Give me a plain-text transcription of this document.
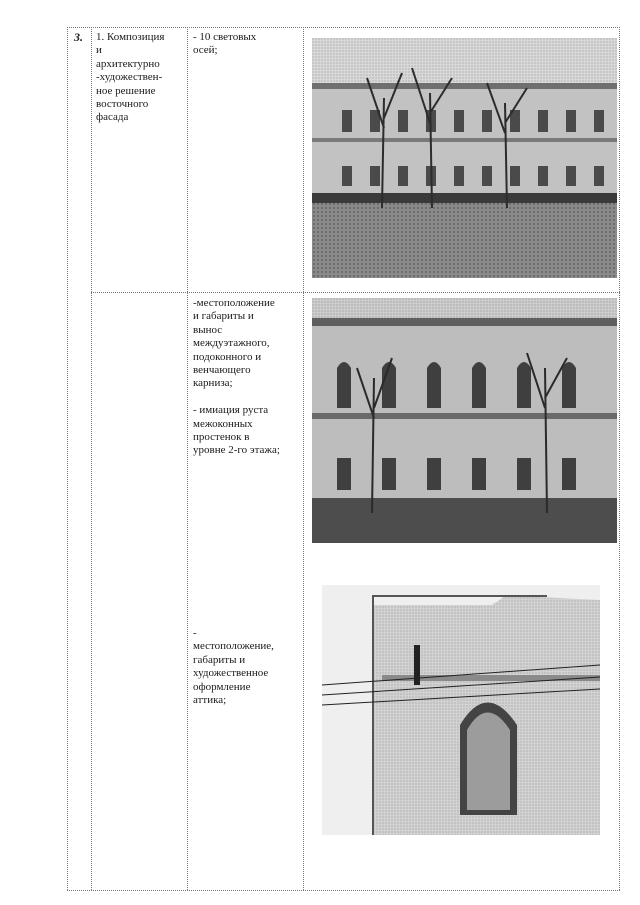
3. 1. Композиция
и
архитектурно
-художествен-
ное решение
восточного
фасада
- 10 световых
осей;
-местоположение
и габариты и
вынос
междуэтажного,
подоконного и
венчающего
карниза;

- имиация руста
межоконных
простенок в
уровне 2-го этажа;
-
местоположение,
габариты и
художественное
оформление
аттика;
